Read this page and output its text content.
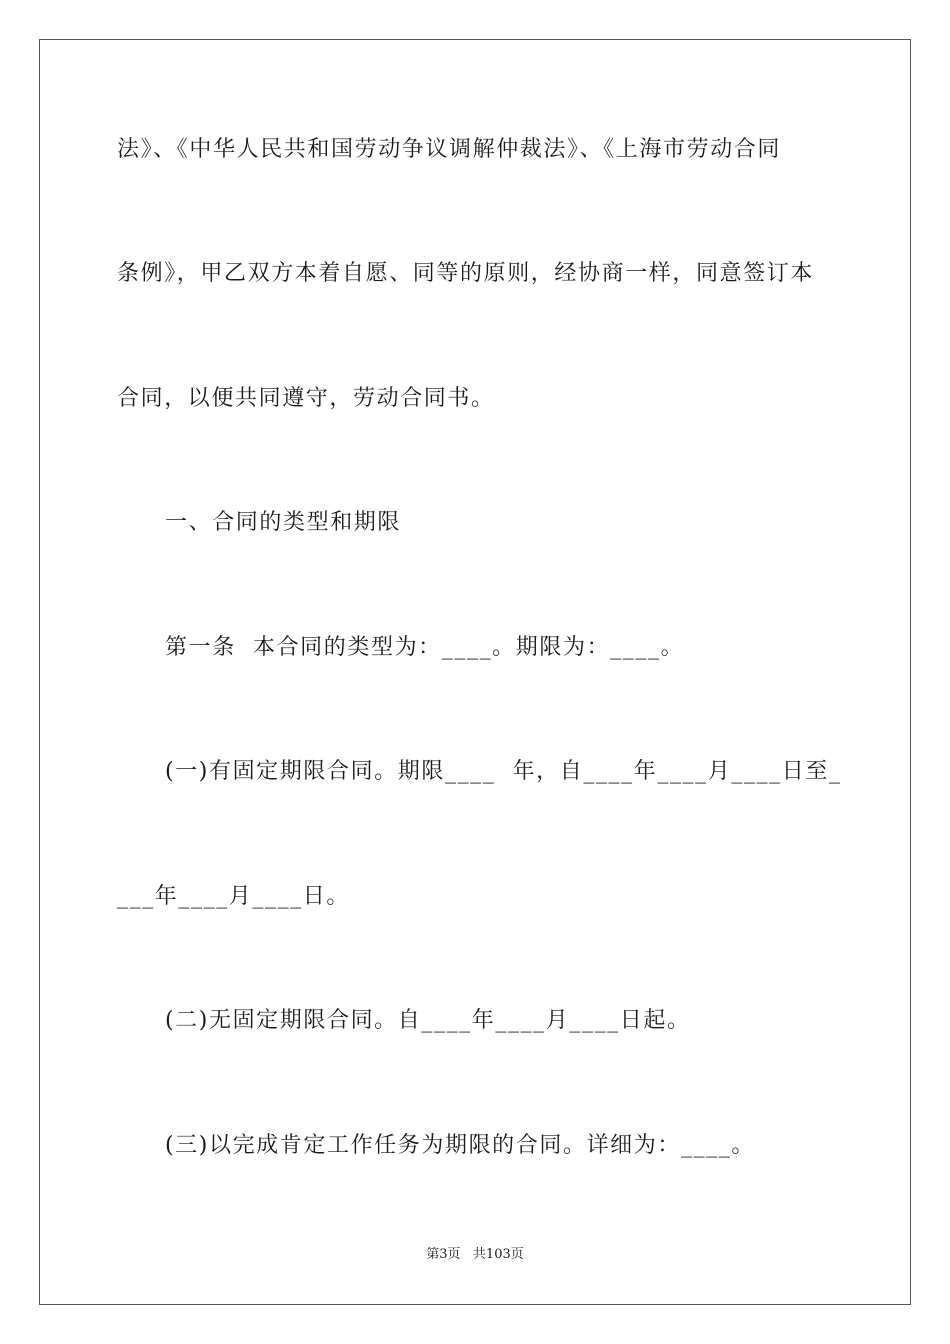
法》、《中华人民共和国劳动争议调解仲裁法》、《上海市劳动合同
条例》，甲乙双方本着自愿、同等的原则，经协商一样，同意签订本
合同，以便共同遵守，劳动合同书。
一、合同的类型和期限
第一条  本合同的类型为：____。期限为：____。
(一)有固定期限合同。期限____  年，自____年____月____日至_
___年____月____日。
(二)无固定期限合同。自____年____月____日起。
(三)以完成肯定工作任务为期限的合同。详细为：____。
第3页   共103页
